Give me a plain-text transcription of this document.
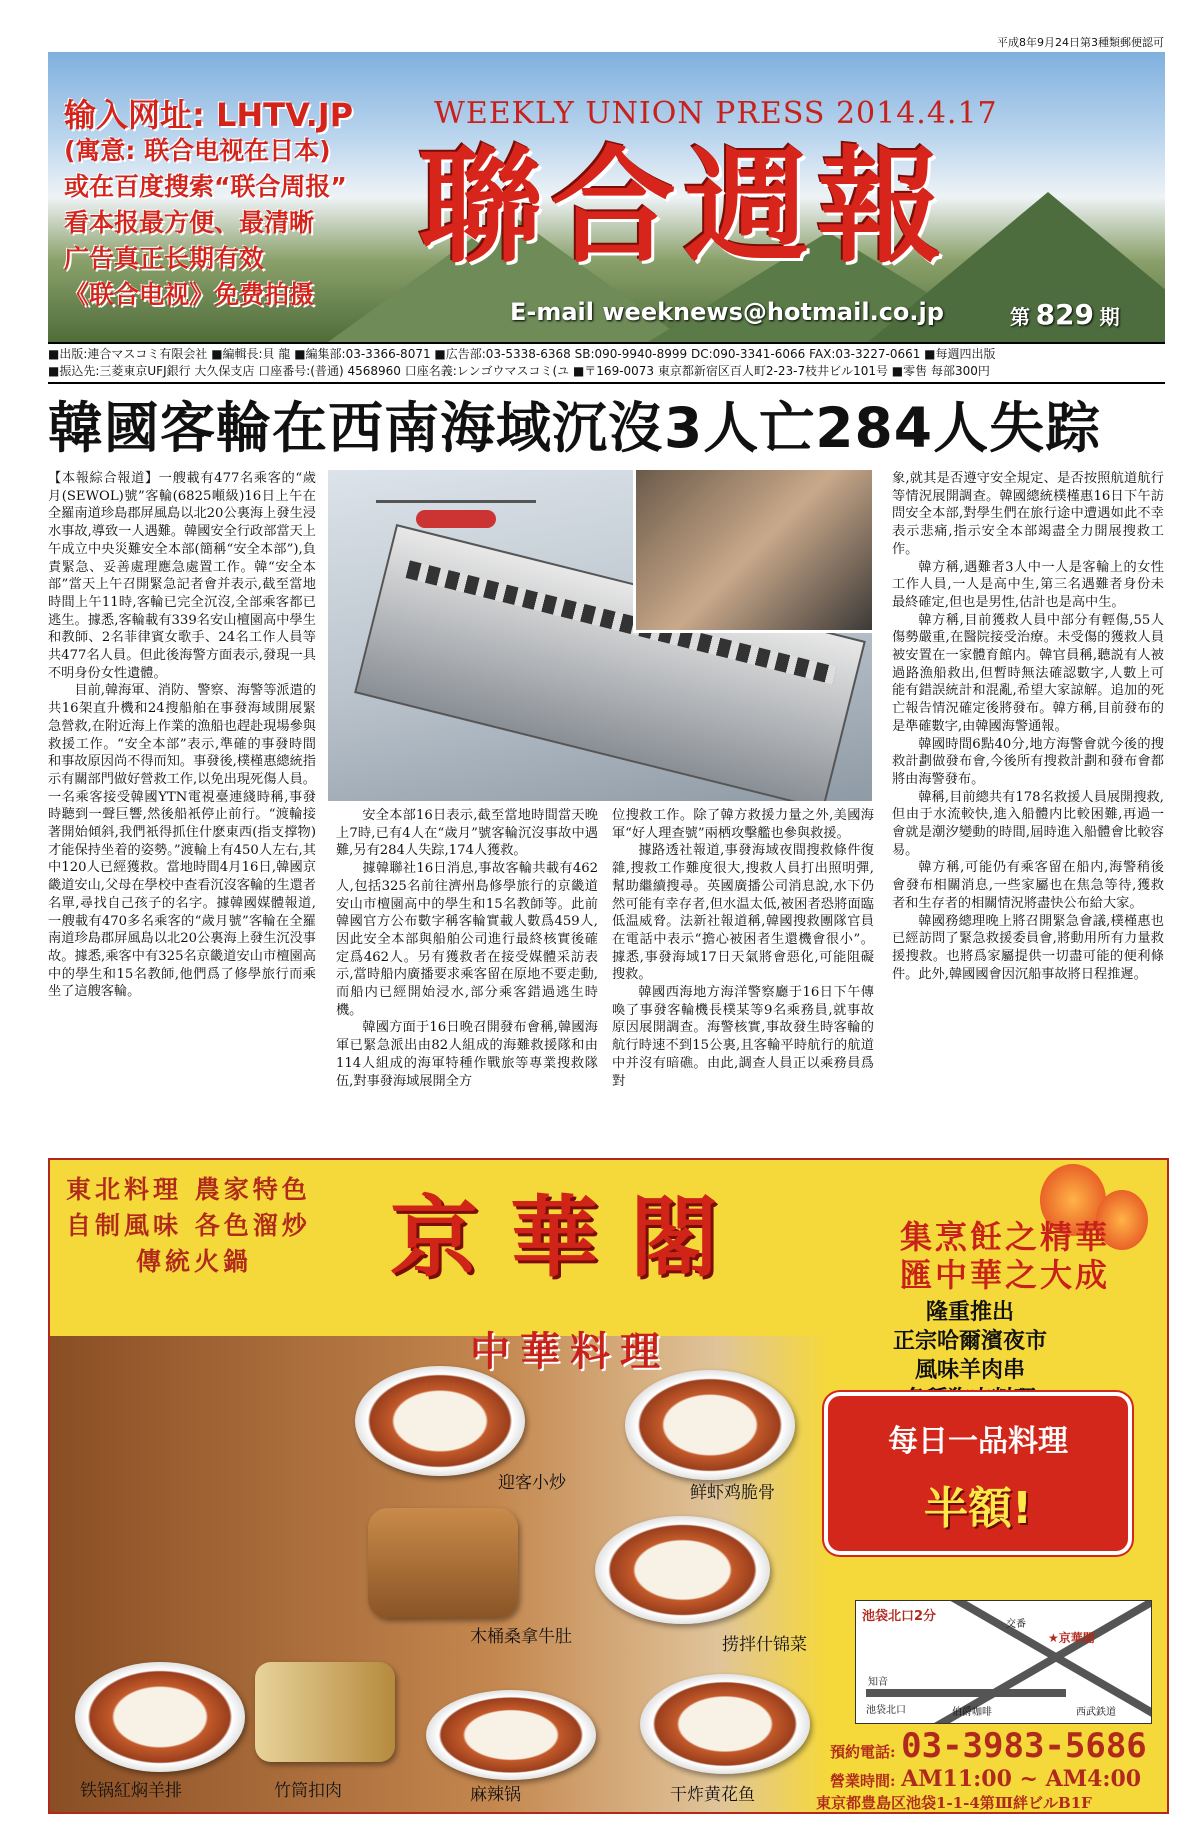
平成8年9月24日第3種類郵便認可
输入网址: LHTV.JP
(寓意: 联合电视在日本)
或在百度搜索“联合周报”
看本报最方便、最清晰
广告真正长期有效
《联合电视》免费拍摄
WEEKLY UNION PRESS 2014.4.17
聯合週報
E-mail weeknews@hotmail.co.jp	第 829 期
■出版:連合マスコミ有限会社 ■編輯長:貝 龍 ■編集部:03-3366-8071 ■広告部:03-5338-6368 SB:090-9940-8999 DC:090-3341-6066 FAX:03-3227-0661 ■每週四出版
■振込先:三菱東京UFJ銀行 大久保支店 口座番号:(普通) 4568960 口座名義:レンゴウマスコミ(ユ ■〒169-0073 東京都新宿区百人町2-23-7枝井ビル101号 ■零售 每部300円
韓國客輪在西南海域沉沒3人亡284人失踪

【本報綜合報道】一艘載有477名乘客的“歲月(SEWOL)號”客輪(6825噸級)16日上午在全羅南道珍島郡屏風島以北20公裏海上發生浸水事故,導致一人遇難。韓國安全行政部當天上午成立中央災難安全本部(簡稱“安全本部”),負責緊急、妥善處理應急處置工作。韓“安全本部”當天上午召開緊急記者會并表示,截至當地時間上午11時,客輪已完全沉沒,全部乘客都已逃生。據悉,客輪載有339名安山檀園高中學生和教師、2名菲律賓女歌手、24名工作人員等共477名人員。但此後海警方面表示,發現一具不明身份女性遺體。

目前,韓海軍、消防、警察、海警等派遣的共16架直升機和24搜船舶在事發海域開展緊急營救,在附近海上作業的漁船也趕赴現場參與救援工作。“安全本部”表示,準確的事發時間和事故原因尚不得而知。事發後,樸槿惠總統指示有關部門做好營救工作,以免出現死傷人員。

一名乘客接受韓國YTN電視臺連綫時稱,事發時聽到一聲巨響,然後船衹停止前行。“渡輪接著開始傾斜,我們衹得抓住什麽東西(指支撑物)才能保持坐着的姿勢。”渡輪上有450人左右,其中120人已經獲救。當地時間4月16日,韓國京畿道安山,父母在學校中查看沉沒客輪的生還者名單,尋找自己孩子的名字。據韓國媒體報道,一艘載有470多名乘客的“歲月號”客輪在全羅南道珍島郡屏風島以北20公裏海上發生沉没事故。據悉,乘客中有325名京畿道安山市檀園高中的學生和15名教師,他們爲了修學旅行而乘坐了這艘客輪。

安全本部16日表示,截至當地時間當天晚上7時,已有4人在“歲月”號客輪沉沒事故中遇難,另有284人失踪,174人獲救。

據韓聯社16日消息,事故客輪共載有462人,包括325名前往濟州島修學旅行的京畿道安山市檀園高中的學生和15名教師等。此前韓國官方公布數字稱客輪實載人數爲459人,因此安全本部與船舶公司進行最終核實後確定爲462人。另有獲救者在接受媒體采訪表示,當時船内廣播要求乘客留在原地不要走動,而船内已經開始浸水,部分乘客錯過逃生時機。

韓國方面于16日晚召開發布會稱,韓國海軍已緊急派出由82人組成的海難救援隊和由114人組成的海軍特種作戰旅等專業搜救隊伍,對事發海域展開全方

位搜救工作。除了韓方救援力量之外,美國海軍“好人理查號”兩栖攻擊艦也參與救援。

據路透社報道,事發海域夜間搜救條件復雜,搜救工作難度很大,搜救人員打出照明彈,幫助繼續搜尋。英國廣播公司消息說,水下仍然可能有幸存者,但水温太低,被困者恐將面臨低温威脅。法新社報道稱,韓國搜救團隊官員在電話中表示“擔心被困者生還機會很小”。據悉,事發海域17日天氣將會惡化,可能阻礙搜救。

韓國西海地方海洋警察廳于16日下午傳喚了事發客輪機長樸某等9名乘務員,就事故原因展開調查。海警核實,事故發生時客輪的航行時速不到15公裏,且客輪平時航行的航道中并沒有暗礁。由此,調查人員正以乘務員爲對

象,就其是否遵守安全規定、是否按照航道航行等情況展開調查。韓國總統樸槿惠16日下午訪問安全本部,對學生們在旅行途中遭遇如此不幸表示悲痛,指示安全本部竭盡全力開展搜救工作。

韓方稱,遇難者3人中一人是客輪上的女性工作人員,一人是高中生,第三名遇難者身份未最終確定,但也是男性,估計也是高中生。

韓方稱,目前獲救人員中部分有輕傷,55人傷勢嚴重,在醫院接受治療。未受傷的獲救人員被安置在一家體育館内。韓官員稱,聽説有人被過路漁船救出,但暫時無法確認數字,人數上可能有錯誤統計和混亂,希望大家諒解。追加的死亡報告情況確定後將發布。韓方稱,目前發布的是準確數字,由韓國海警通報。

韓國時間6點40分,地方海警會就今後的搜救計劃做發布會,今後所有搜救計劃和發布會都將由海警發布。

韓稱,目前總共有178名救援人員展開搜救,但由于水流較快,進入船體内比較困難,再過一會就是潮汐變動的時間,屆時進入船體會比較容易。

韓方稱,可能仍有乘客留在船内,海警稍後會發布相關消息,一些家屬也在焦急等待,獲救者和生存者的相關情況將盡快公布給大家。

韓國務總理晚上將召開緊急會議,樸槿惠也已經訪問了緊急救援委員會,將動用所有力量救援搜救。也將爲家屬提供一切盡可能的便利條件。此外,韓國國會因沉船事故將日程推遲。

東北料理 農家特色
自制風味 各色溜炒
傳統火鍋	京華閣	集烹飪之精華
匯中華之大成
中華料理
隆重推出
正宗哈爾濱夜市
風味羊肉串
每日一品料理
半額!
迎客小炒	鲜虾鸡脆骨
木桶桑拿牛肚	捞拌什锦菜
铁锅紅焖羊排	竹筒扣肉	麻辣锅	干炸黄花鱼
池袋北口2分
★京華閣
池袋北口
交番
知音
伯爵咖啡	西武鉄道
預約電話: 03-3983-5686
營業時間: AM11:00 ~ AM4:00
東京都豊島区池袋1-1-4第Ⅲ絆ビルB1F
